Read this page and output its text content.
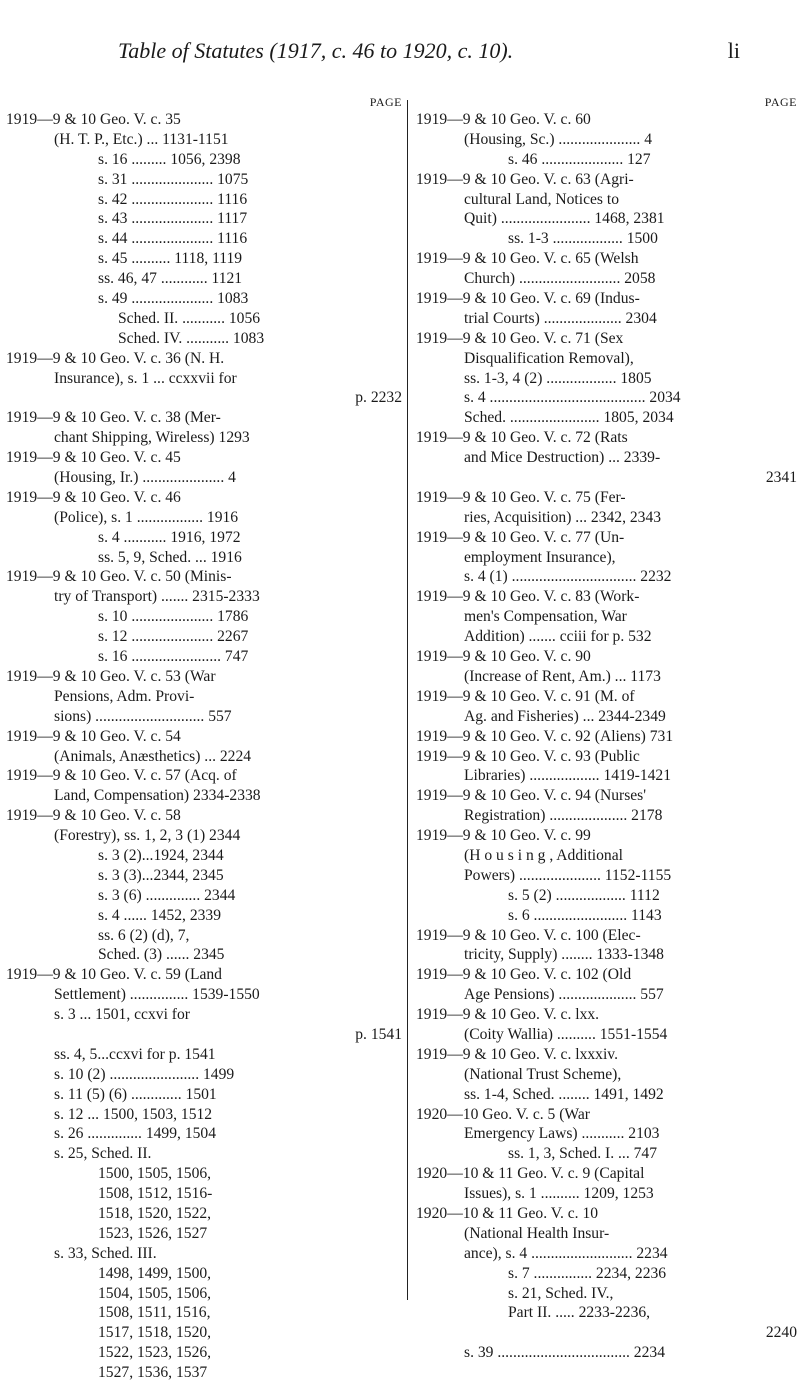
Table of Statutes (1917, c. 46 to 1920, c. 10).	li
PAGE
1919—9 & 10 Geo. V. c. 35
(H. T. P., Etc.) ... 1131-1151
s. 16 ......... 1056, 2398
s. 31 ..................... 1075
s. 42 ..................... 1116
s. 43 ..................... 1117
s. 44 ..................... 1116
s. 45 .......... 1118, 1119
ss. 46, 47 ............ 1121
s. 49 ..................... 1083
Sched. II. ........... 1056
Sched. IV. ........... 1083
1919—9 & 10 Geo. V. c. 36 (N. H.
Insurance), s. 1 ... ccxxvii for
p. 2232
1919—9 & 10 Geo. V. c. 38 (Mer-
chant Shipping, Wireless) 1293
1919—9 & 10 Geo. V. c. 45
(Housing, Ir.) ..................... 4
1919—9 & 10 Geo. V. c. 46
(Police), s. 1 ................. 1916
s. 4 ........... 1916, 1972
ss. 5, 9, Sched. ... 1916
1919—9 & 10 Geo. V. c. 50 (Minis-
try of Transport) ....... 2315-2333
s. 10 ..................... 1786
s. 12 ..................... 2267
s. 16 ....................... 747
1919—9 & 10 Geo. V. c. 53 (War
Pensions, Adm. Provi-
sions) ............................ 557
1919—9 & 10 Geo. V. c. 54
(Animals, Anæsthetics) ... 2224
1919—9 & 10 Geo. V. c. 57 (Acq. of
Land, Compensation) 2334-2338
1919—9 & 10 Geo. V. c. 58
(Forestry), ss. 1, 2, 3 (1) 2344
s. 3 (2)...1924, 2344
s. 3 (3)...2344, 2345
s. 3 (6) .............. 2344
s. 4 ...... 1452, 2339
ss. 6 (2) (d), 7,
Sched. (3) ...... 2345
1919—9 & 10 Geo. V. c. 59 (Land
Settlement) ............... 1539-1550
s. 3 ... 1501, ccxvi for
p. 1541
ss. 4, 5...ccxvi for p. 1541
s. 10 (2) ....................... 1499
s. 11 (5) (6) ............. 1501
s. 12 ... 1500, 1503, 1512
s. 26 .............. 1499, 1504
s. 25, Sched. II.
1500, 1505, 1506,
1508, 1512, 1516-
1518, 1520, 1522,
1523, 1526, 1527
s. 33, Sched. III.
1498, 1499, 1500,
1504, 1505, 1506,
1508, 1511, 1516,
1517, 1518, 1520,
1522, 1523, 1526,
1527, 1536, 1537
PAGE
1919—9 & 10 Geo. V. c. 60
(Housing, Sc.) ..................... 4
s. 46 ..................... 127
1919—9 & 10 Geo. V. c. 63 (Agri-
cultural Land, Notices to
Quit) ....................... 1468, 2381
ss. 1-3 .................. 1500
1919—9 & 10 Geo. V. c. 65 (Welsh
Church) .......................... 2058
1919—9 & 10 Geo. V. c. 69 (Indus-
trial Courts) .................... 2304
1919—9 & 10 Geo. V. c. 71 (Sex
Disqualification Removal),
ss. 1-3, 4 (2) .................. 1805
s. 4 ........................................ 2034
Sched. ....................... 1805, 2034
1919—9 & 10 Geo. V. c. 72 (Rats
and Mice Destruction) ... 2339-
2341
1919—9 & 10 Geo. V. c. 75 (Fer-
ries, Acquisition) ... 2342, 2343
1919—9 & 10 Geo. V. c. 77 (Un-
employment Insurance),
s. 4 (1) ................................ 2232
1919—9 & 10 Geo. V. c. 83 (Work-
men's Compensation, War
Addition) ....... cciii for p. 532
1919—9 & 10 Geo. V. c. 90
(Increase of Rent, Am.) ... 1173
1919—9 & 10 Geo. V. c. 91 (M. of
Ag. and Fisheries) ... 2344-2349
1919—9 & 10 Geo. V. c. 92 (Aliens) 731
1919—9 & 10 Geo. V. c. 93 (Public
Libraries) .................. 1419-1421
1919—9 & 10 Geo. V. c. 94 (Nurses'
Registration) .................... 2178
1919—9 & 10 Geo. V. c. 99
(H o u s i n g , Additional
Powers) ..................... 1152-1155
s. 5 (2) .................. 1112
s. 6 ........................ 1143
1919—9 & 10 Geo. V. c. 100 (Elec-
tricity, Supply) ........ 1333-1348
1919—9 & 10 Geo. V. c. 102 (Old
Age Pensions) .................... 557
1919—9 & 10 Geo. V. c. lxx.
(Coity Wallia) .......... 1551-1554
1919—9 & 10 Geo. V. c. lxxxiv.
(National Trust Scheme),
ss. 1-4, Sched. ........ 1491, 1492
1920—10 Geo. V. c. 5 (War
Emergency Laws) ........... 2103
ss. 1, 3, Sched. I. ... 747
1920—10 & 11 Geo. V. c. 9 (Capital
Issues), s. 1 .......... 1209, 1253
1920—10 & 11 Geo. V. c. 10
(National Health Insur-
ance), s. 4 .......................... 2234
s. 7 ............... 2234, 2236
s. 21, Sched. IV.,
Part II. ..... 2233-2236,
2240
s. 39 .................................. 2234
